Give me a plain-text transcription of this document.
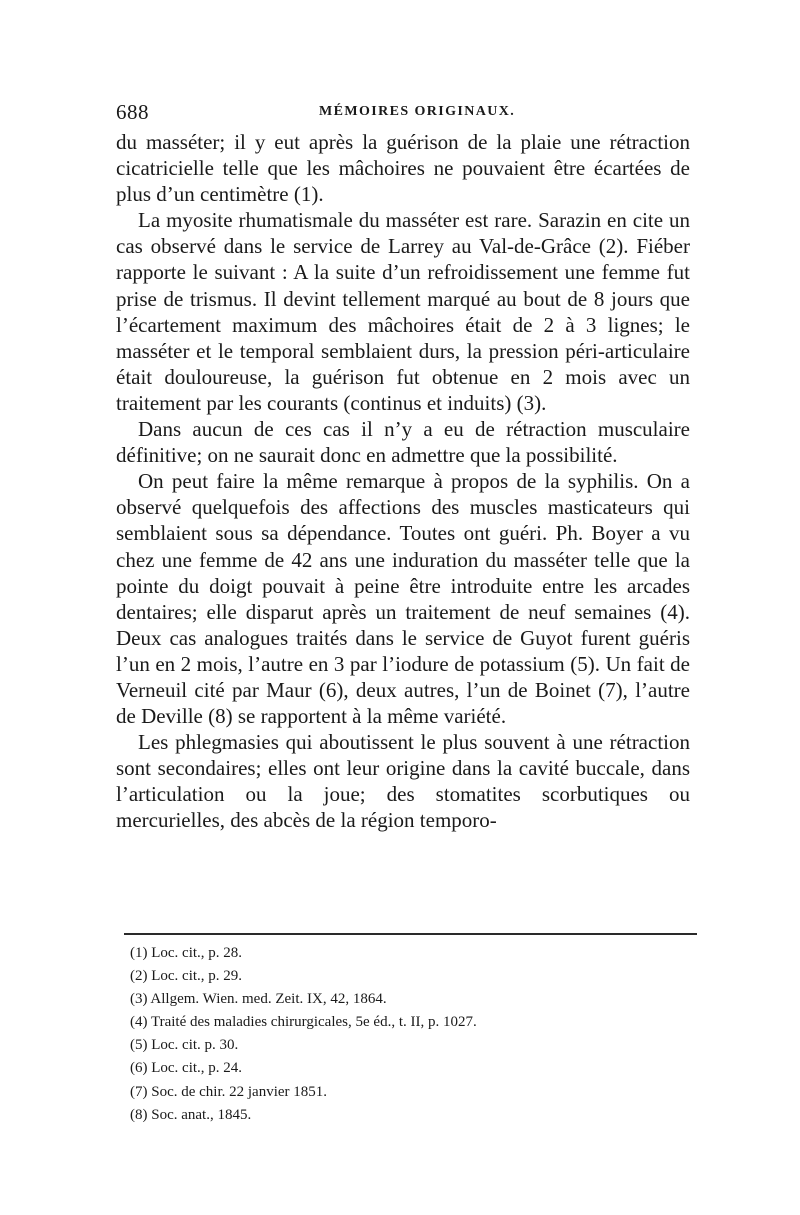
688	MÉMOIRES ORIGINAUX.

du masséter; il y eut après la guérison de la plaie une rétraction cicatricielle telle que les mâchoires ne pouvaient être écartées de plus d’un centimètre (1).

La myosite rhumatismale du masséter est rare. Sarazin en cite un cas observé dans le service de Larrey au Val-de-Grâce (2). Fiéber rapporte le suivant : A la suite d’un refroidissement une femme fut prise de trismus. Il devint tellement marqué au bout de 8 jours que l’écartement maximum des mâchoires était de 2 à 3 lignes; le masséter et le temporal semblaient durs, la pression péri-articulaire était douloureuse, la guérison fut obtenue en 2 mois avec un traitement par les courants (continus et induits) (3).

Dans aucun de ces cas il n’y a eu de rétraction musculaire définitive; on ne saurait donc en admettre que la possibilité.

On peut faire la même remarque à propos de la syphilis. On a observé quelquefois des affections des muscles masticateurs qui semblaient sous sa dépendance. Toutes ont guéri. Ph. Boyer a vu chez une femme de 42 ans une induration du masséter telle que la pointe du doigt pouvait à peine être introduite entre les arcades dentaires; elle disparut après un traitement de neuf semaines (4). Deux cas analogues traités dans le service de Guyot furent guéris l’un en 2 mois, l’autre en 3 par l’iodure de potassium (5). Un fait de Verneuil cité par Maur (6), deux autres, l’un de Boinet (7), l’autre de Deville (8) se rapportent à la même variété.

Les phlegmasies qui aboutissent le plus souvent à une rétraction sont secondaires; elles ont leur origine dans la cavité buccale, dans l’articulation ou la joue; des stomatites scorbutiques ou mercurielles, des abcès de la région temporo-

(1) Loc. cit., p. 28.
(2) Loc. cit., p. 29.
(3) Allgem. Wien. med. Zeit. IX, 42, 1864.
(4) Traité des maladies chirurgicales, 5e éd., t. II, p. 1027.
(5) Loc. cit. p. 30.
(6) Loc. cit., p. 24.
(7) Soc. de chir. 22 janvier 1851.
(8) Soc. anat., 1845.
